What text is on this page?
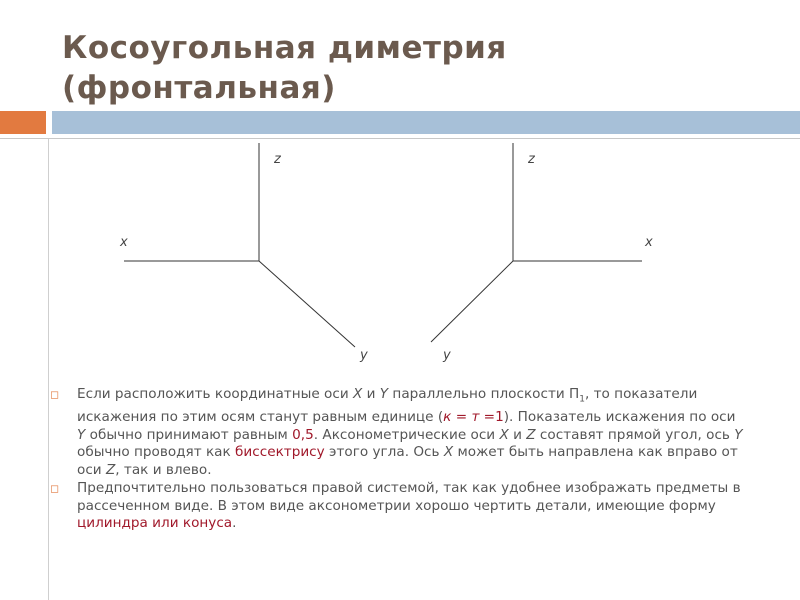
Косоугольная диметрия
(фронтальная)
z
x
y
z
x
y
◻ Если расположить координатные оси X и Y параллельно плоскости $П_1$, то показатели искажения по этим осям станут равным единице (к = т =1). Показатель искажения по оси Y обычно принимают равным 0,5. Аксонометрические оси X и Z составят прямой угол, ось Y обычно проводят как биссектрису этого угла. Ось X может быть направлена как вправо от оси Z, так и влево.
◻ Предпочтительно пользоваться правой системой, так как удобнее изображать предметы в рассеченном виде. В этом виде аксонометрии хорошо чертить детали, имеющие форму цилиндра или конуса.
